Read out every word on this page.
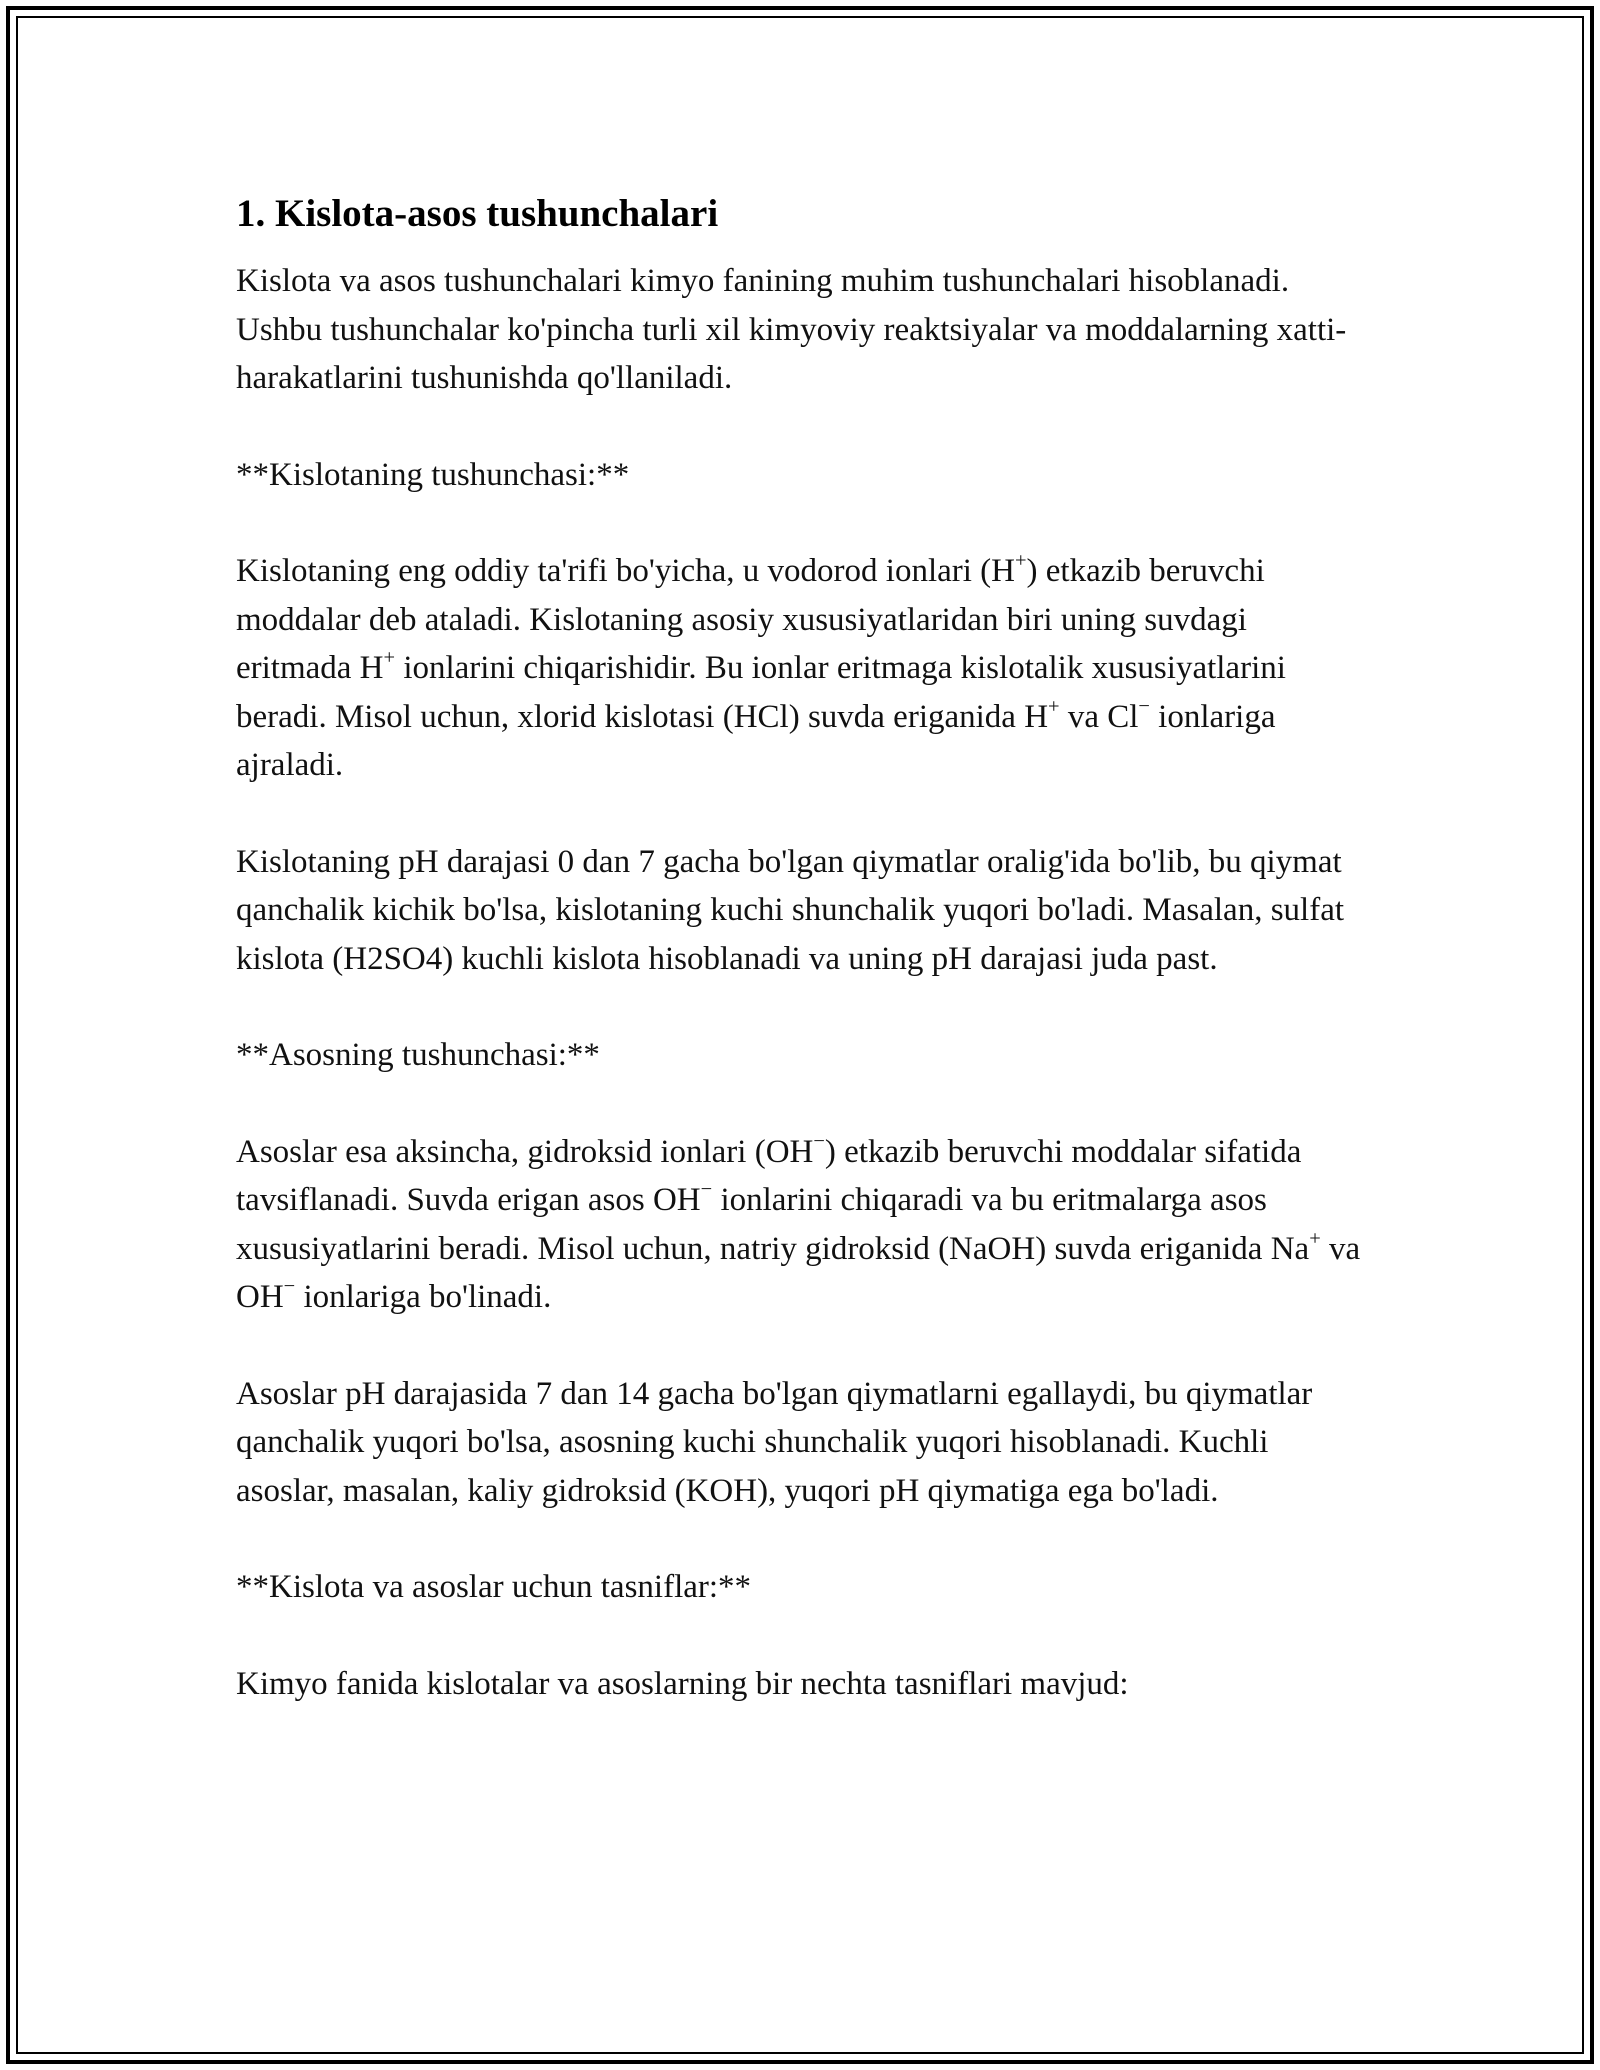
1. Kislota-asos tushunchalari

Kislota va asos tushunchalari kimyo fanining muhim tushunchalari hisoblanadi. Ushbu tushunchalar ko'pincha turli xil kimyoviy reaktsiyalar va moddalarning xatti-harakatlarini tushunishda qo'llaniladi.

**Kislotaning tushunchasi:**

Kislotaning eng oddiy ta'rifi bo'yicha, u vodorod ionlari (H+) etkazib beruvchi moddalar deb ataladi. Kislotaning asosiy xususiyatlaridan biri uning suvdagi eritmada H+ ionlarini chiqarishidir. Bu ionlar eritmaga kislotalik xususiyatlarini beradi. Misol uchun, xlorid kislotasi (HCl) suvda eriganida H+ va Cl− ionlariga ajraladi.

Kislotaning pH darajasi 0 dan 7 gacha bo'lgan qiymatlar oralig'ida bo'lib, bu qiymat qanchalik kichik bo'lsa, kislotaning kuchi shunchalik yuqori bo'ladi. Masalan, sulfat kislota (H2SO4) kuchli kislota hisoblanadi va uning pH darajasi juda past.

**Asosning tushunchasi:**

Asoslar esa aksincha, gidroksid ionlari (OH−) etkazib beruvchi moddalar sifatida tavsiflanadi. Suvda erigan asos OH− ionlarini chiqaradi va bu eritmalarga asos xususiyatlarini beradi. Misol uchun, natriy gidroksid (NaOH) suvda eriganida Na+ va OH− ionlariga bo'linadi.

Asoslar pH darajasida 7 dan 14 gacha bo'lgan qiymatlarni egallaydi, bu qiymatlar qanchalik yuqori bo'lsa, asosning kuchi shunchalik yuqori hisoblanadi. Kuchli asoslar, masalan, kaliy gidroksid (KOH), yuqori pH qiymatiga ega bo'ladi.

**Kislota va asoslar uchun tasniflar:**

Kimyo fanida kislotalar va asoslarning bir nechta tasniflari mavjud:
